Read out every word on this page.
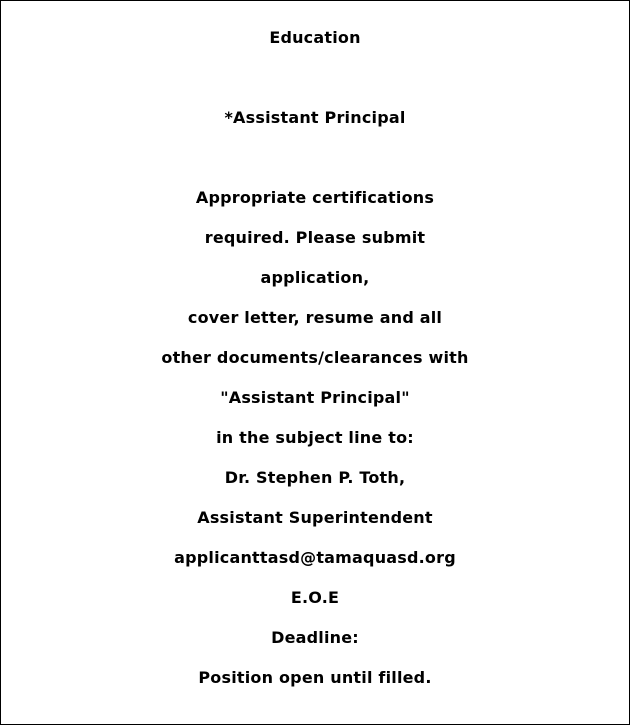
Education
*Assistant Principal
Appropriate certifications
required. Please submit
application,
cover letter, resume and all
other documents/clearances with
"Assistant Principal"
in the subject line to:
Dr. Stephen P. Toth,
Assistant Superintendent
applicanttasd@tamaquasd.org
E.O.E
Deadline:
Position open until filled.
